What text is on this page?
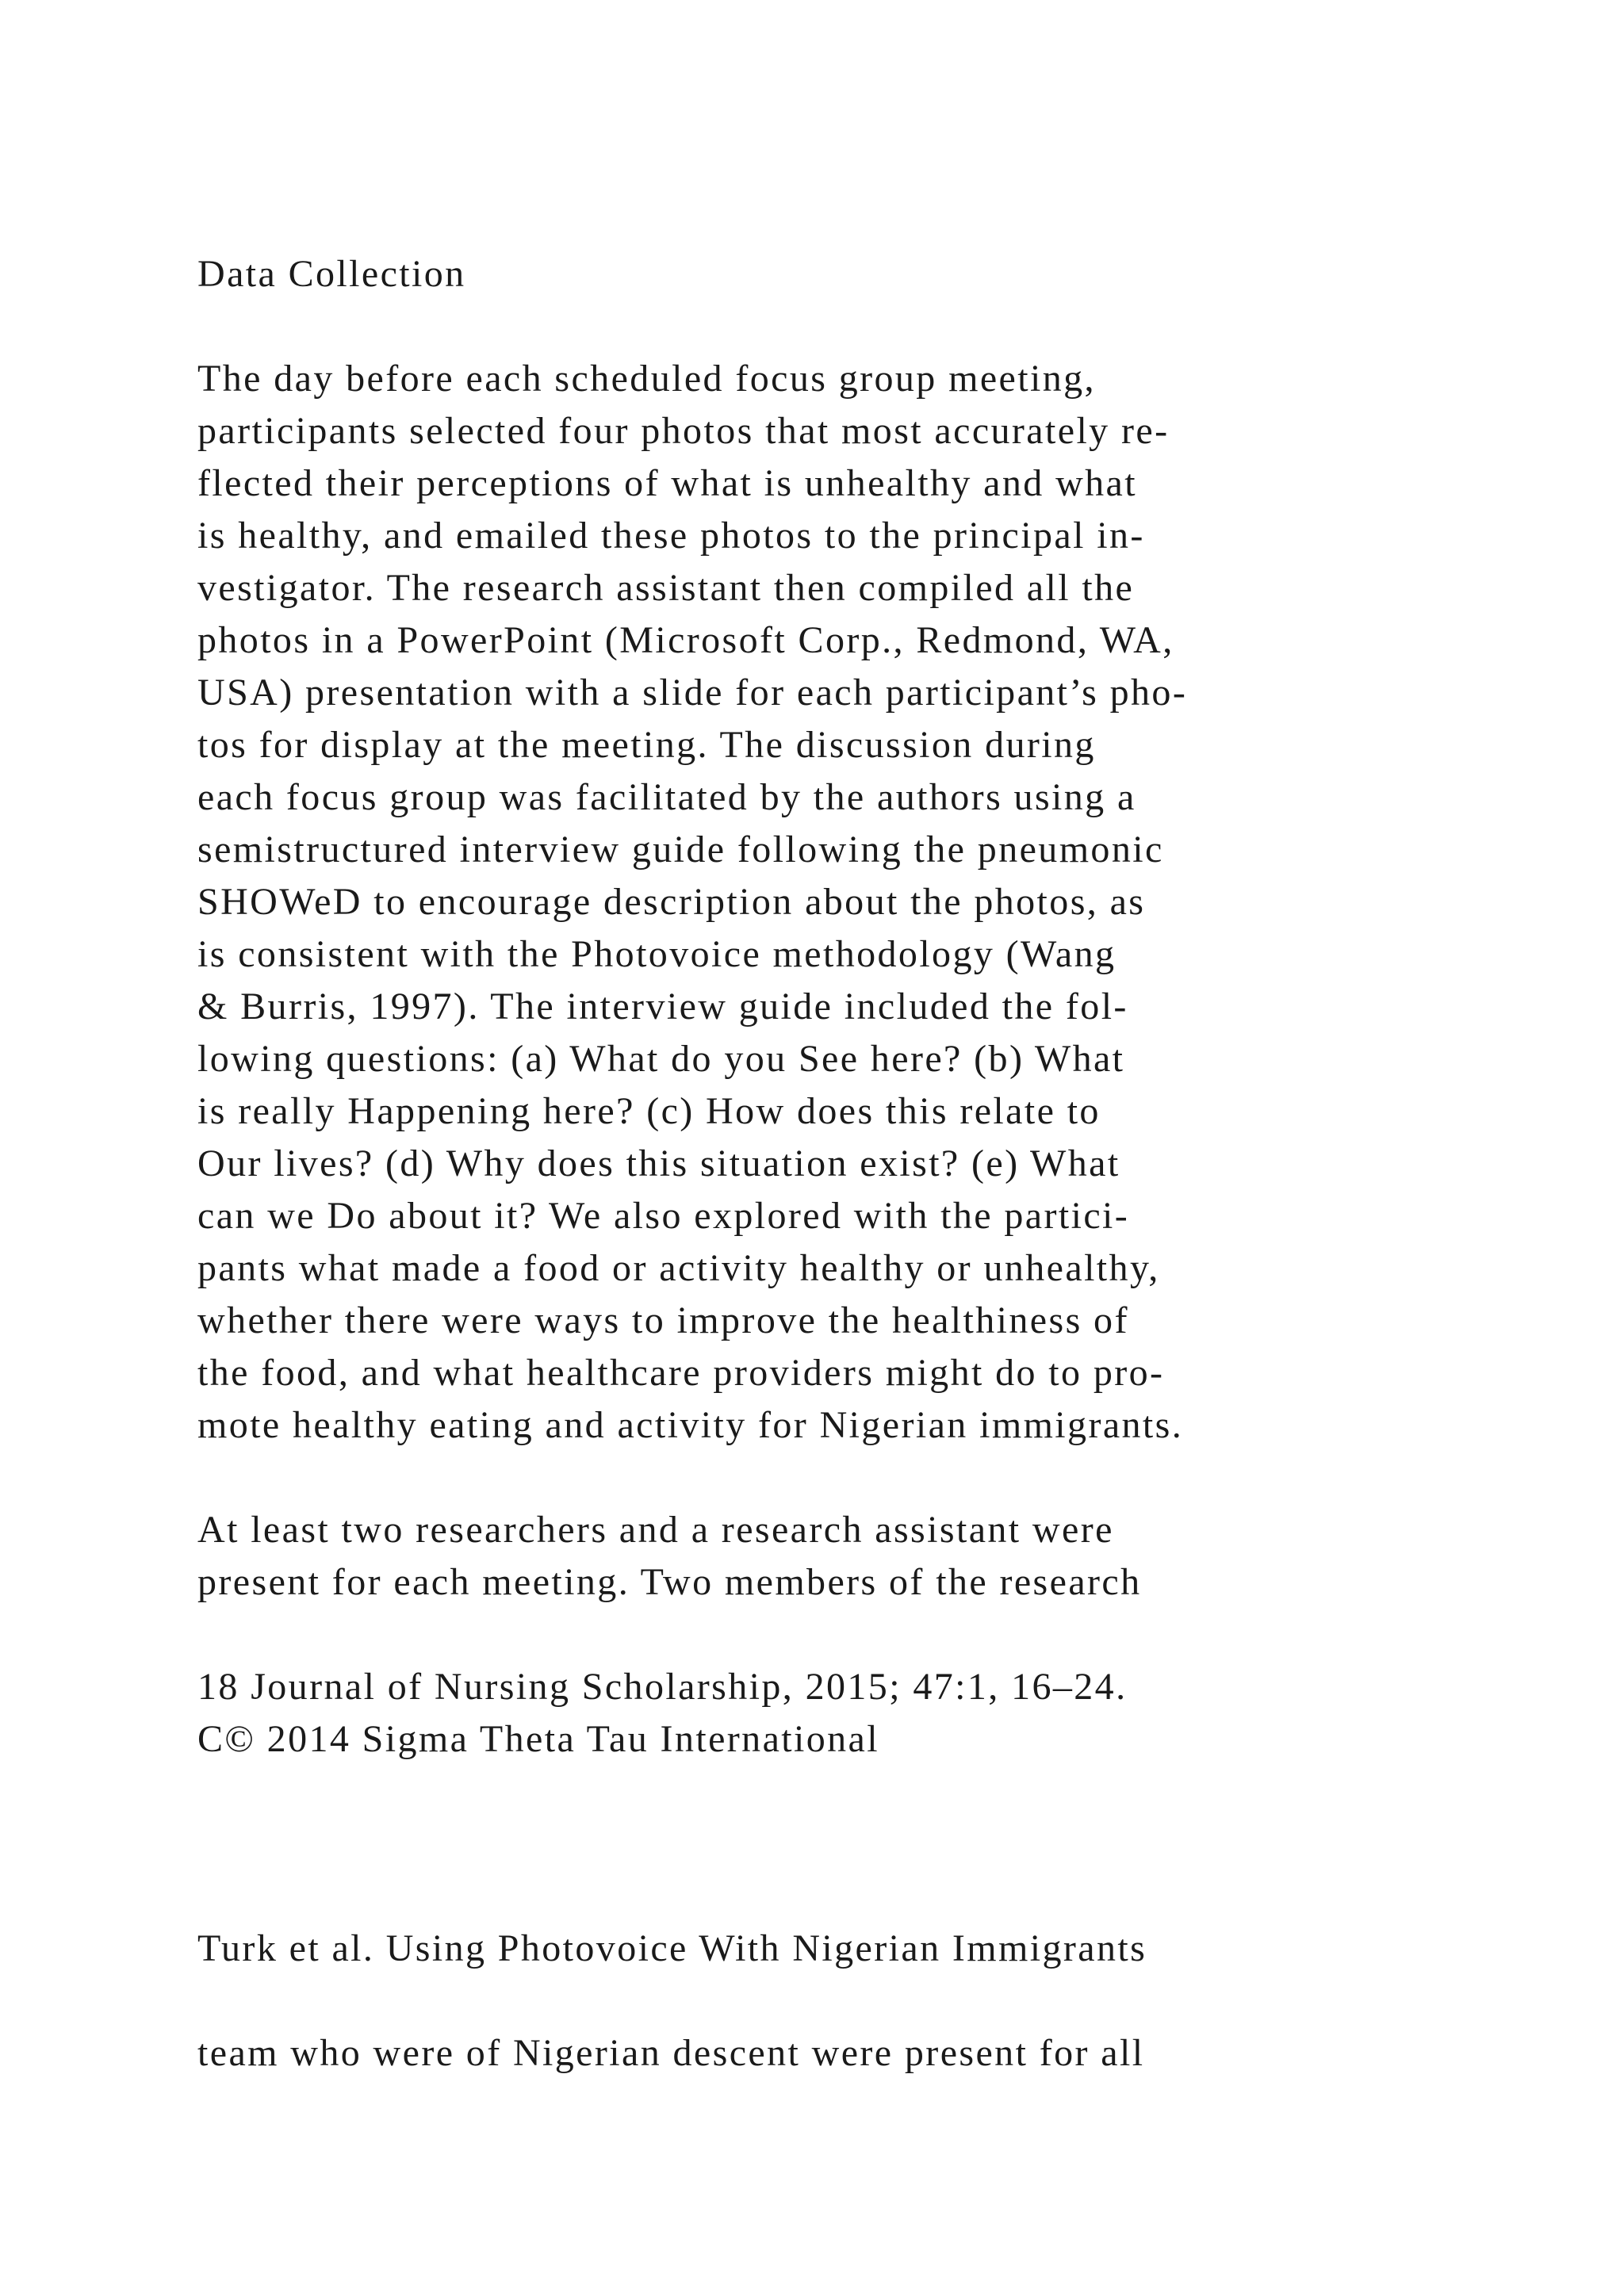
Data Collection

The day before each scheduled focus group meeting,

participants selected four photos that most accurately re-

flected their perceptions of what is unhealthy and what

is healthy, and emailed these photos to the principal in-

vestigator. The research assistant then compiled all the

photos in a PowerPoint (Microsoft Corp., Redmond, WA,

USA) presentation with a slide for each participant’s pho-

tos for display at the meeting. The discussion during

each focus group was facilitated by the authors using a

semistructured interview guide following the pneumonic

SHOWeD to encourage description about the photos, as

is consistent with the Photovoice methodology (Wang

& Burris, 1997). The interview guide included the fol-

lowing questions: (a) What do you See here? (b) What

is really Happening here? (c) How does this relate to

Our lives? (d) Why does this situation exist? (e) What

can we Do about it? We also explored with the partici-

pants what made a food or activity healthy or unhealthy,

whether there were ways to improve the healthiness of

the food, and what healthcare providers might do to pro-

mote healthy eating and activity for Nigerian immigrants.

At least two researchers and a research assistant were

present for each meeting. Two members of the research

18 Journal of Nursing Scholarship, 2015; 47:1, 16–24.

C© 2014 Sigma Theta Tau International

Turk et al. Using Photovoice With Nigerian Immigrants

team who were of Nigerian descent were present for all
